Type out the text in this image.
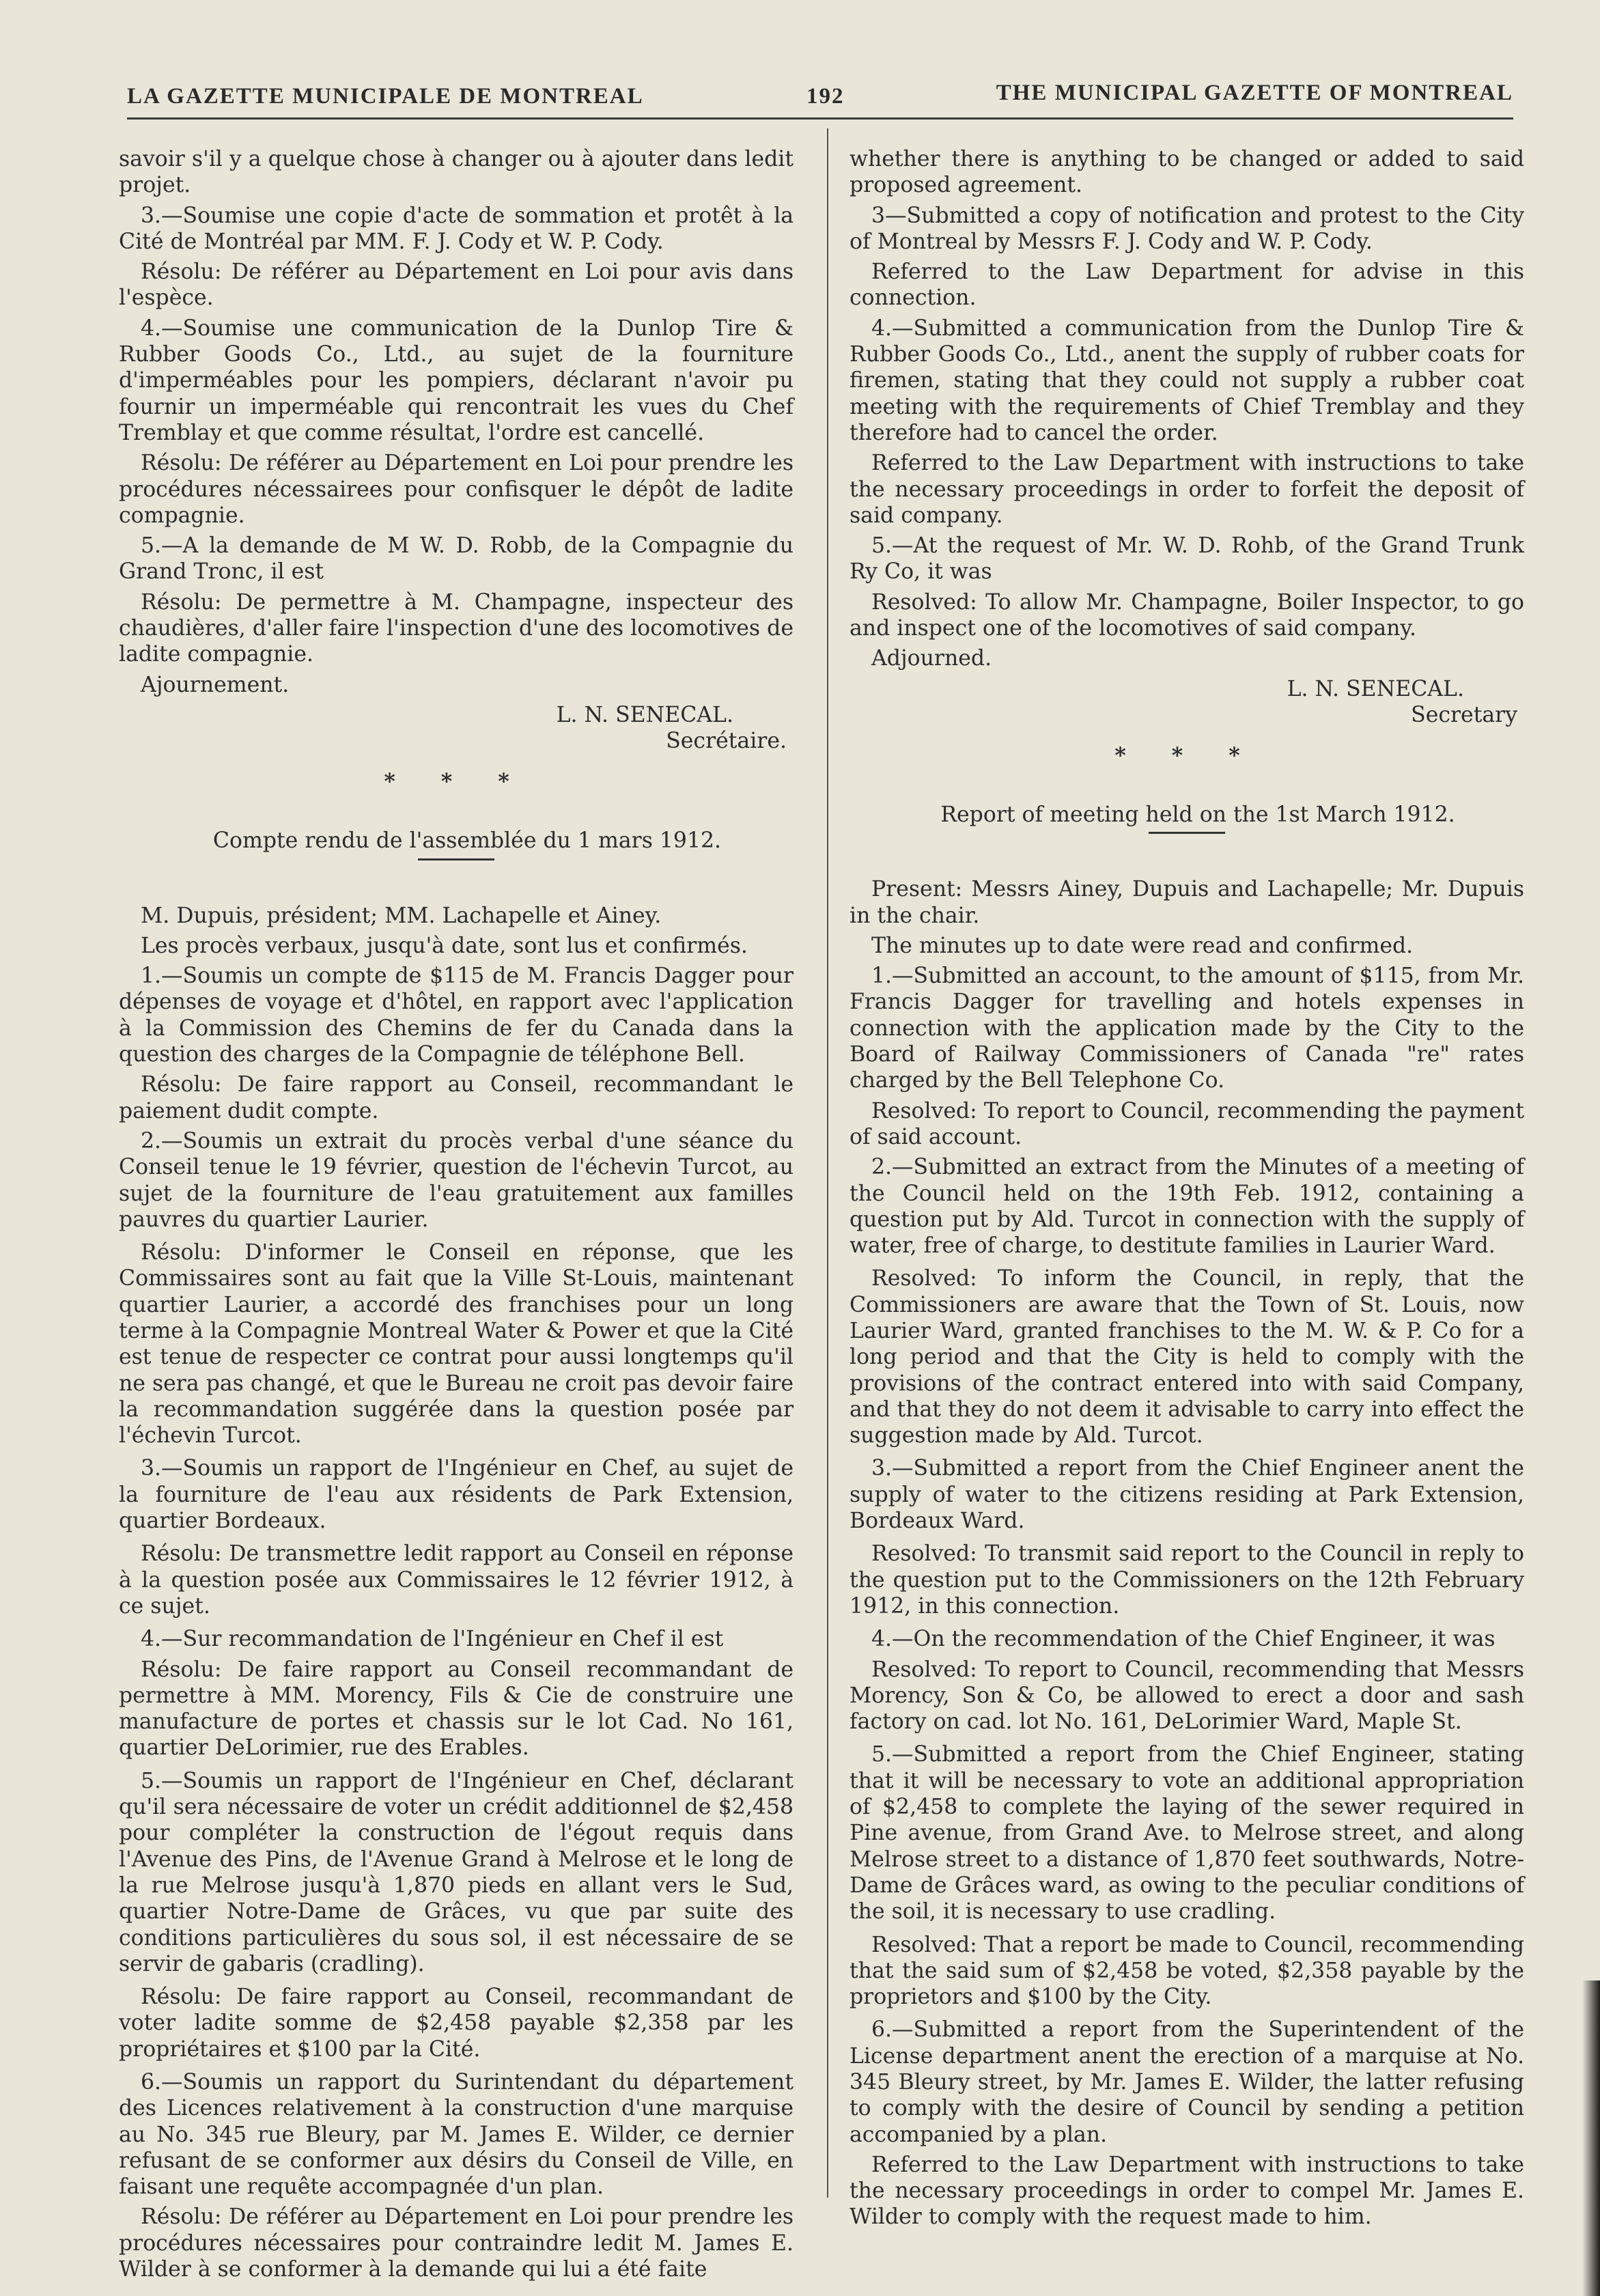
LA GAZETTE MUNICIPALE DE MONTREAL	192	THE MUNICIPAL GAZETTE OF MONTREAL

savoir s'il y a quelque chose à changer ou à ajouter dans ledit projet.

3.—Soumise une copie d'acte de sommation et protêt à la Cité de Montréal par MM. F. J. Cody et W. P. Cody.

Résolu: De référer au Département en Loi pour avis dans l'espèce.

4.—Soumise une communication de la Dunlop Tire & Rubber Goods Co., Ltd., au sujet de la fourniture d'imperméables pour les pompiers, déclarant n'avoir pu fournir un imperméable qui rencontrait les vues du Chef Tremblay et que comme résultat, l'ordre est cancellé.

Résolu: De référer au Département en Loi pour prendre les procédures nécessairees pour confisquer le dépôt de ladite compagnie.

5.—A la demande de M W. D. Robb, de la Compagnie du Grand Tronc, il est

Résolu: De permettre à M. Champagne, inspecteur des chaudières, d'aller faire l'inspection d'une des locomotives de ladite compagnie.

Ajournement.

L. N. SENECAL.
Secrétaire.
* * *

Compte rendu de l'assemblée du 1 mars 1912.

M. Dupuis, président; MM. Lachapelle et Ainey.

Les procès verbaux, jusqu'à date, sont lus et confirmés.

1.—Soumis un compte de $115 de M. Francis Dagger pour dépenses de voyage et d'hôtel, en rapport avec l'application à la Commission des Chemins de fer du Canada dans la question des charges de la Compagnie de téléphone Bell.

Résolu: De faire rapport au Conseil, recommandant le paiement dudit compte.

2.—Soumis un extrait du procès verbal d'une séance du Conseil tenue le 19 février, question de l'échevin Turcot, au sujet de la fourniture de l'eau gratuitement aux familles pauvres du quartier Laurier.

Résolu: D'informer le Conseil en réponse, que les Commissaires sont au fait que la Ville St-Louis, maintenant quartier Laurier, a accordé des franchises pour un long terme à la Compagnie Montreal Water & Power et que la Cité est tenue de respecter ce contrat pour aussi longtemps qu'il ne sera pas changé, et que le Bureau ne croit pas devoir faire la recommandation suggérée dans la question posée par l'échevin Turcot.

3.—Soumis un rapport de l'Ingénieur en Chef, au sujet de la fourniture de l'eau aux résidents de Park Extension, quartier Bordeaux.

Résolu: De transmettre ledit rapport au Conseil en réponse à la question posée aux Commissaires le 12 février 1912, à ce sujet.

4.—Sur recommandation de l'Ingénieur en Chef il est

Résolu: De faire rapport au Conseil recommandant de permettre à MM. Morency, Fils & Cie de construire une manufacture de portes et chassis sur le lot Cad. No 161, quartier DeLorimier, rue des Erables.

5.—Soumis un rapport de l'Ingénieur en Chef, déclarant qu'il sera nécessaire de voter un crédit additionnel de $2,458 pour compléter la construction de l'égout requis dans l'Avenue des Pins, de l'Avenue Grand à Melrose et le long de la rue Melrose jusqu'à 1,870 pieds en allant vers le Sud, quartier Notre-Dame de Grâces, vu que par suite des conditions particulières du sous sol, il est nécessaire de se servir de gabaris (cradling).

Résolu: De faire rapport au Conseil, recommandant de voter ladite somme de $2,458 payable $2,358 par les propriétaires et $100 par la Cité.

6.—Soumis un rapport du Surintendant du département des Licences relativement à la construction d'une marquise au No. 345 rue Bleury, par M. James E. Wilder, ce dernier refusant de se conformer aux désirs du Conseil de Ville, en faisant une requête accompagnée d'un plan.

Résolu: De référer au Département en Loi pour prendre les procédures nécessaires pour contraindre ledit M. James E. Wilder à se conformer à la demande qui lui a été faite

whether there is anything to be changed or added to said proposed agreement.

3—Submitted a copy of notification and protest to the City of Montreal by Messrs F. J. Cody and W. P. Cody.

Referred to the Law Department for advise in this connection.

4.—Submitted a communication from the Dunlop Tire & Rubber Goods Co., Ltd., anent the supply of rubber coats for firemen, stating that they could not supply a rubber coat meeting with the requirements of Chief Tremblay and they therefore had to cancel the order.

Referred to the Law Department with instructions to take the necessary proceedings in order to forfeit the deposit of said company.

5.—At the request of Mr. W. D. Rohb, of the Grand Trunk Ry Co, it was

Resolved: To allow Mr. Champagne, Boiler Inspector, to go and inspect one of the locomotives of said company.

Adjourned.

L. N. SENECAL.
Secretary
* * *

Report of meeting held on the 1st March 1912.

Present: Messrs Ainey, Dupuis and Lachapelle; Mr. Dupuis in the chair.

The minutes up to date were read and confirmed.

1.—Submitted an account, to the amount of $115, from Mr. Francis Dagger for travelling and hotels expenses in connection with the application made by the City to the Board of Railway Commissioners of Canada "re" rates charged by the Bell Telephone Co.

Resolved: To report to Council, recommending the payment of said account.

2.—Submitted an extract from the Minutes of a meeting of the Council held on the 19th Feb. 1912, containing a question put by Ald. Turcot in connection with the supply of water, free of charge, to destitute families in Laurier Ward.

Resolved: To inform the Council, in reply, that the Commissioners are aware that the Town of St. Louis, now Laurier Ward, granted franchises to the M. W. & P. Co for a long period and that the City is held to comply with the provisions of the contract entered into with said Company, and that they do not deem it advisable to carry into effect the suggestion made by Ald. Turcot.

3.—Submitted a report from the Chief Engineer anent the supply of water to the citizens residing at Park Extension, Bordeaux Ward.

Resolved: To transmit said report to the Council in reply to the question put to the Commissioners on the 12th February 1912, in this connection.

4.—On the recommendation of the Chief Engineer, it was

Resolved: To report to Council, recommending that Messrs Morency, Son & Co, be allowed to erect a door and sash factory on cad. lot No. 161, DeLorimier Ward, Maple St.

5.—Submitted a report from the Chief Engineer, stating that it will be necessary to vote an additional appropriation of $2,458 to complete the laying of the sewer required in Pine avenue, from Grand Ave. to Melrose street, and along Melrose street to a distance of 1,870 feet southwards, Notre-Dame de Grâces ward, as owing to the peculiar conditions of the soil, it is necessary to use cradling.

Resolved: That a report be made to Council, recommending that the said sum of $2,458 be voted, $2,358 payable by the proprietors and $100 by the City.

6.—Submitted a report from the Superintendent of the License department anent the erection of a marquise at No. 345 Bleury street, by Mr. James E. Wilder, the latter refusing to comply with the desire of Council by sending a petition accompanied by a plan.

Referred to the Law Department with instructions to take the necessary proceedings in order to compel Mr. James E. Wilder to comply with the request made to him.
